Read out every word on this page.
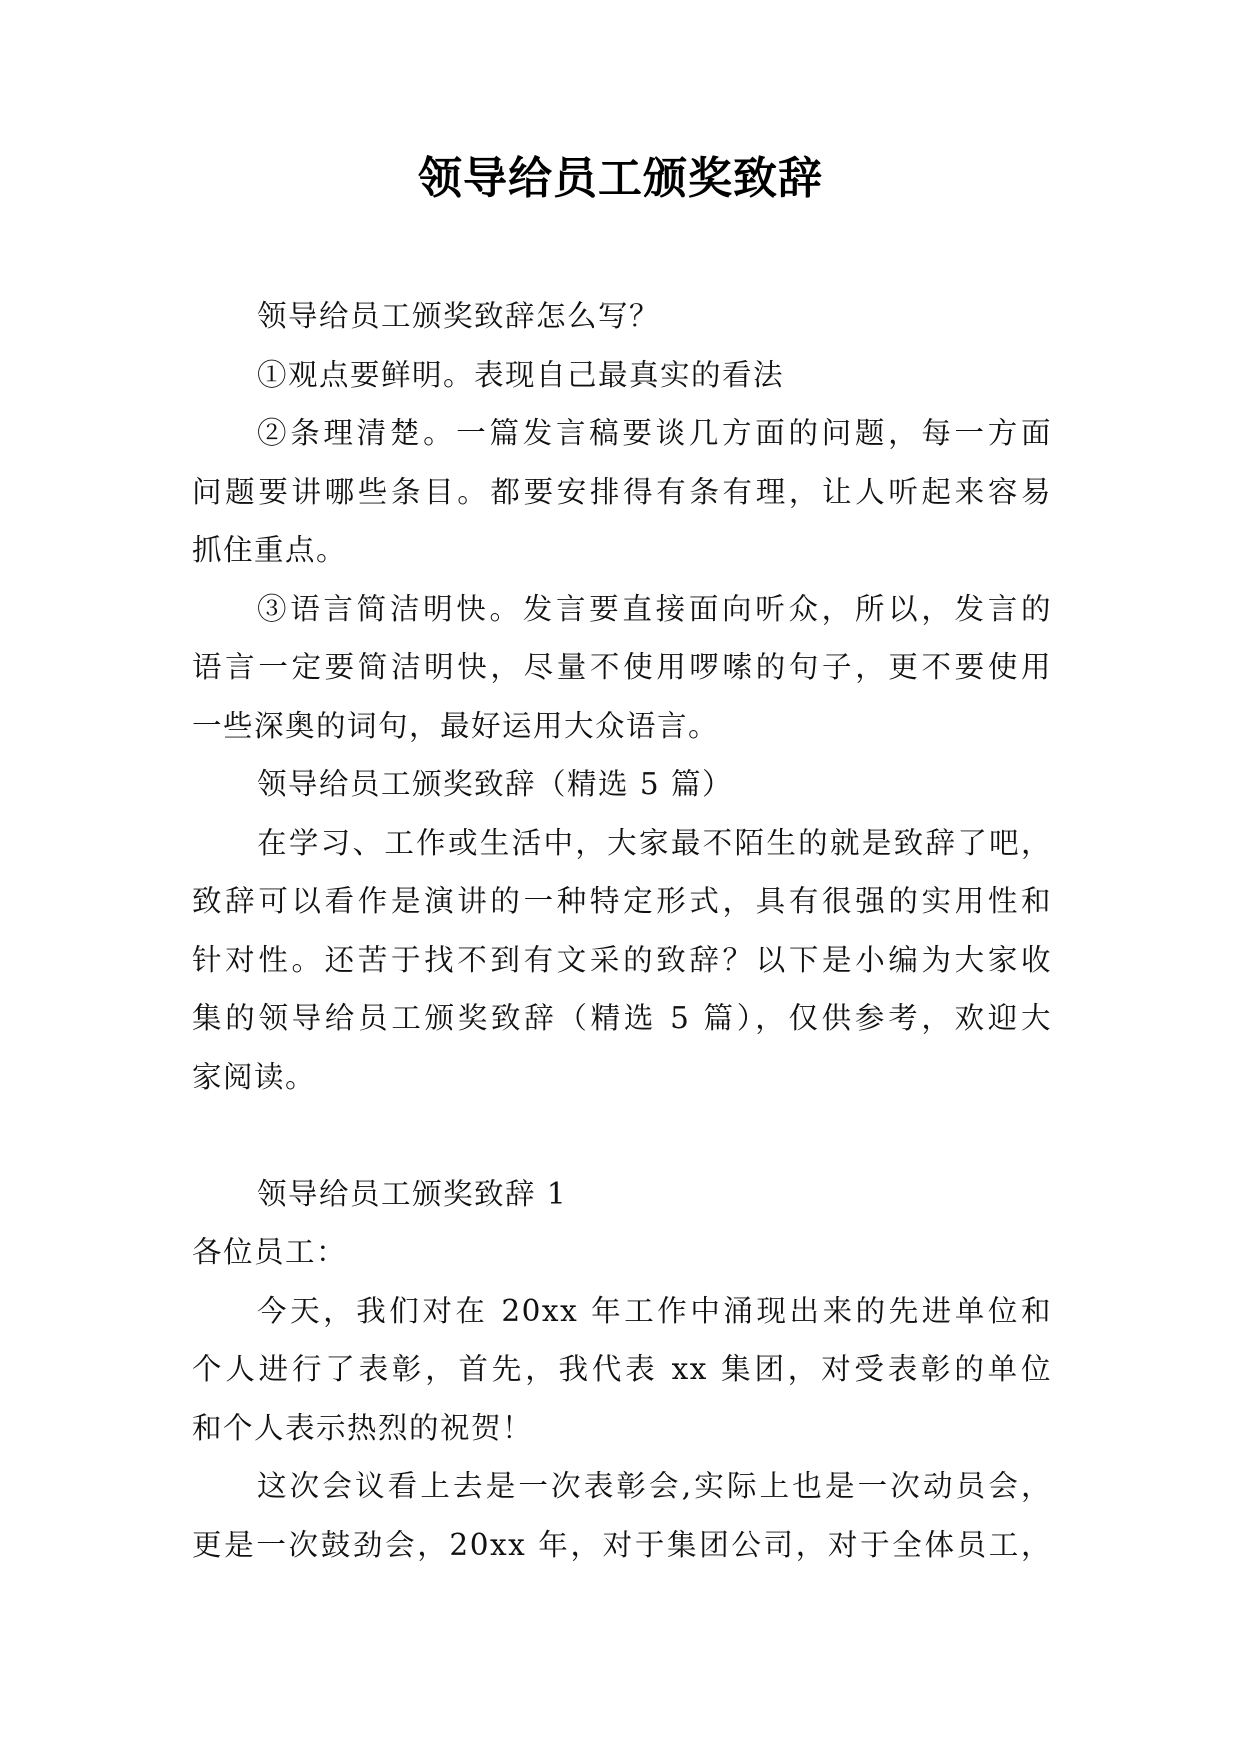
领导给员工颁奖致辞
领导给员工颁奖致辞怎么写？
①观点要鲜明。表现自己最真实的看法
②条理清楚。一篇发言稿要谈几方面的问题，每一方面
问题要讲哪些条目。都要安排得有条有理，让人听起来容易
抓住重点。
③语言简洁明快。发言要直接面向听众，所以，发言的
语言一定要简洁明快，尽量不使用啰嗦的句子，更不要使用
一些深奥的词句，最好运用大众语言。
领导给员工颁奖致辞（精选 5 篇）
在学习、工作或生活中，大家最不陌生的就是致辞了吧，
致辞可以看作是演讲的一种特定形式，具有很强的实用性和
针对性。还苦于找不到有文采的致辞？以下是小编为大家收
集的领导给员工颁奖致辞（精选 5 篇），仅供参考，欢迎大
家阅读。
领导给员工颁奖致辞 1
各位员工：
今天，我们对在 20xx 年工作中涌现出来的先进单位和
个人进行了表彰，首先，我代表 xx 集团，对受表彰的单位
和个人表示热烈的祝贺！
这次会议看上去是一次表彰会,实际上也是一次动员会，
更是一次鼓劲会，20xx 年，对于集团公司，对于全体员工，
